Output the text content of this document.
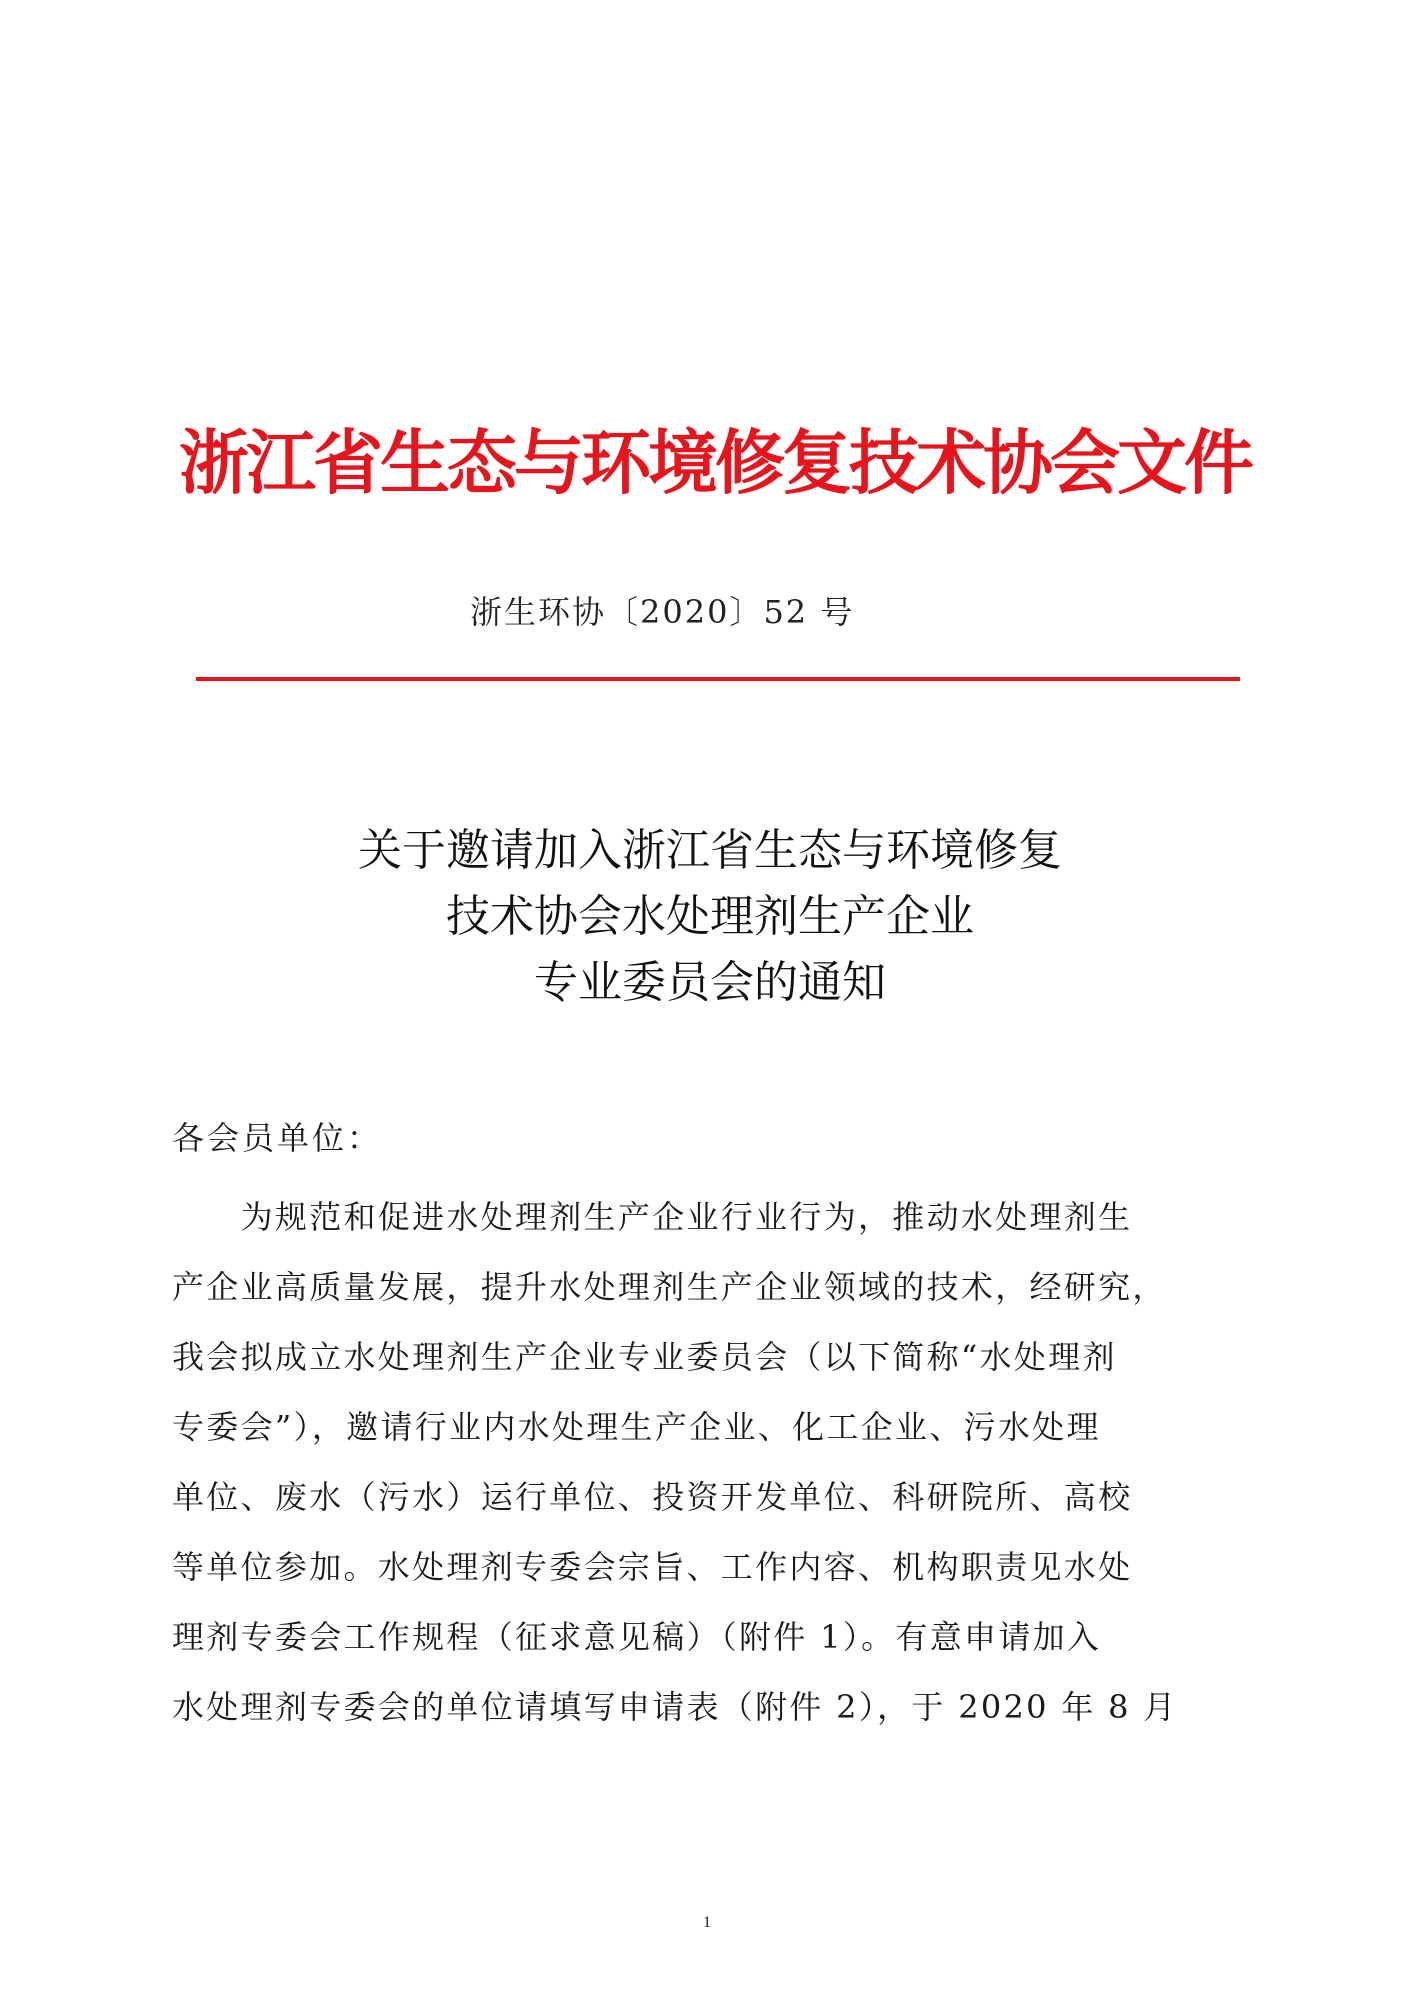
浙江省生态与环境修复技术协会文件
浙生环协〔2020〕52 号
关于邀请加入浙江省生态与环境修复
技术协会水处理剂生产企业
专业委员会的通知
各会员单位：
　　为规范和促进水处理剂生产企业行业行为，推动水处理剂生
产企业高质量发展，提升水处理剂生产企业领域的技术，经研究，
我会拟成立水处理剂生产企业专业委员会（以下简称“水处理剂
专委会”），邀请行业内水处理生产企业、化工企业、污水处理
单位、废水（污水）运行单位、投资开发单位、科研院所、高校
等单位参加。水处理剂专委会宗旨、工作内容、机构职责见水处
理剂专委会工作规程（征求意见稿）（附件 1）。有意申请加入
水处理剂专委会的单位请填写申请表（附件 2），于 2020 年 8 月
1
